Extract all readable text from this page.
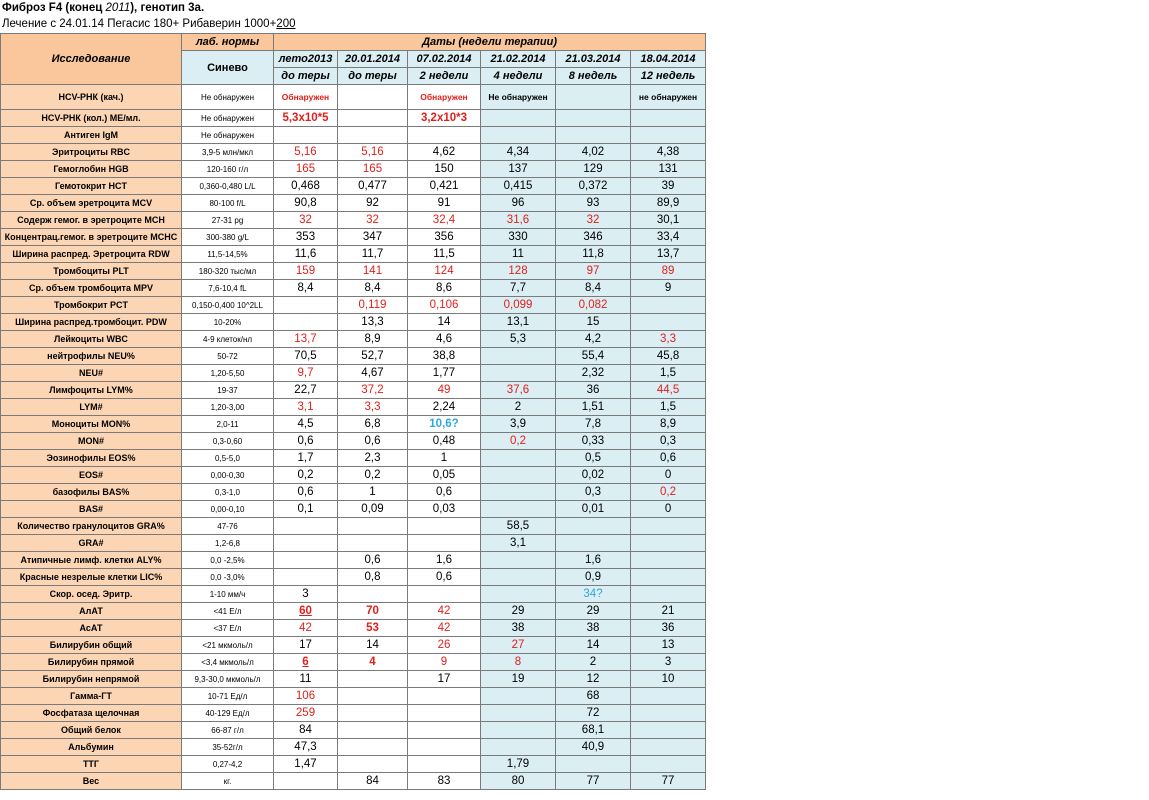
Фиброз F4 (конец 2011), генотип 3а.
Лечение с 24.01.14 Пегасис 180+ Рибаверин 1000+200
Исследование	лаб. нормы	Даты (недели терапии)					
	Синево	лето2013	20.01.2014	07.02.2014	21.02.2014	21.03.2014	18.04.2014
		до теры	до теры	2 недели	4 недели	8 недель	12 недель
HCV-РНК (кач.)	Не обнаружен	Обнаружен		Обнаружен	Не обнаружен		не обнаружен
HCV-РНК (кол.) МЕ/мл.	Не обнаружен	5,3х10*5		3,2х10*3			
Антиген IgM	Не обнаружен						
Эритроциты RBC	3,9-5 млн/мкл	5,16	5,16	4,62	4,34	4,02	4,38
Гемоглобин HGB	120-160 г/л	165	165	150	137	129	131
Гемотокрит HCT	0,360-0,480 L/L	0,468	0,477	0,421	0,415	0,372	39
Ср. объем эретроцита MCV	80-100 f/L	90,8	92	91	96	93	89,9
Содерж гемог. в эретроците MCH	27-31 pg	32	32	32,4	31,6	32	30,1
Концентрац.гемог. в эретроците MCHC	300-380 g/L	353	347	356	330	346	33,4
Ширина распред. Эретроцита RDW	11,5-14,5%	11,6	11,7	11,5	11	11,8	13,7
Тромбоциты PLT	180-320 тыс/мл	159	141	124	128	97	89
Ср. объем тромбоцита MPV	7,6-10,4 fL	8,4	8,4	8,6	7,7	8,4	9
Тромбокрит PCT	0,150-0,400 10^2LL		0,119	0,106	0,099	0,082	
Ширина распред.тромбоцит. PDW	10-20%		13,3	14	13,1	15	
Лейкоциты WBC	4-9 клеток/нл	13,7	8,9	4,6	5,3	4,2	3,3
нейтрофилы NEU%	50-72	70,5	52,7	38,8		55,4	45,8
NEU#	1,20-5,50	9,7	4,67	1,77		2,32	1,5
Лимфоциты LYM%	19-37	22,7	37,2	49	37,6	36	44,5
LYM#	1,20-3,00	3,1	3,3	2,24	2	1,51	1,5
Моноциты MON%	2,0-11	4,5	6,8	10,6?	3,9	7,8	8,9
MON#	0,3-0,60	0,6	0,6	0,48	0,2	0,33	0,3
Эозинофилы EOS%	0,5-5,0	1,7	2,3	1		0,5	0,6
EOS#	0,00-0,30	0,2	0,2	0,05		0,02	0
базофилы BAS%	0,3-1,0	0,6	1	0,6		0,3	0,2
BAS#	0,00-0,10	0,1	0,09	0,03		0,01	0
Количество гранулоцитов GRA%	47-76				58,5		
GRA#	1,2-6,8				3,1		
Атипичные лимф. клетки ALY%	0,0 -2,5%		0,6	1,6		1,6	
Красные незрелые клетки LIC%	0,0 -3,0%		0,8	0,6		0,9	
Скор. осед. Эритр.	1-10 мм/ч	3				34?	
АлАТ	<41 Е/л	60	70	42	29	29	21
АсАТ	<37 Е/л	42	53	42	38	38	36
Билирубин общий	<21 мкмоль/л	17	14	26	27	14	13
Билирубин прямой	<3,4 мкмоль/л	6	4	9	8	2	3
Билирубин непрямой	9,3-30,0 мкмоль/л	11		17	19	12	10
Гамма-ГТ	10-71 Ед/л	106				68	
Фосфатаза щелочная	40-129 Ед/л	259				72	
Общий белок	66-87 г/л	84				68,1	
Альбумин	35-52г/л	47,3				40,9	
ТТГ	0,27-4,2	1,47			1,79		
Вес	кг.		84	83	80	77	77
